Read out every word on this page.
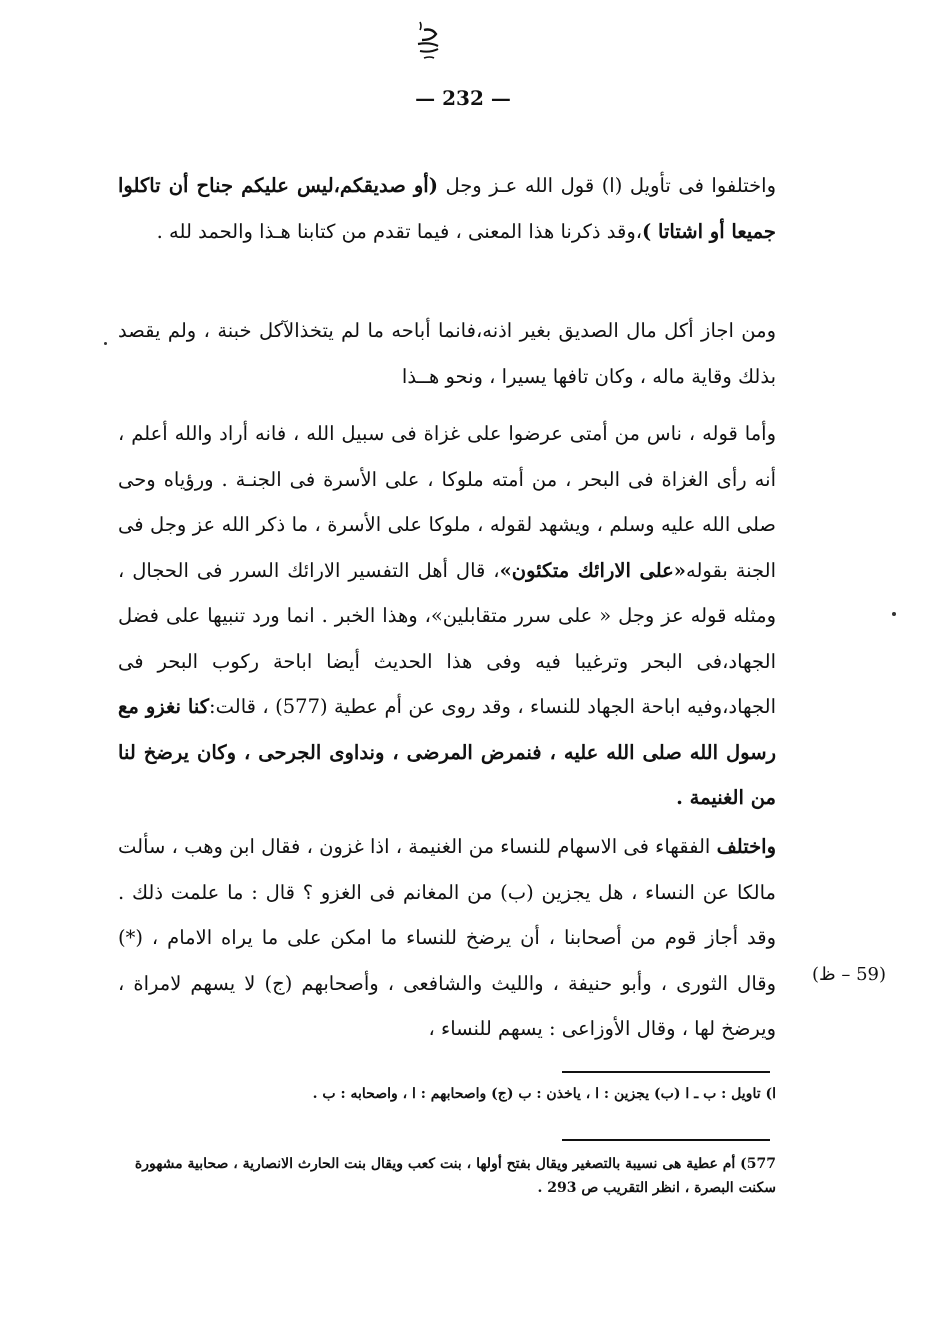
— 232 —

واختلفوا فى تأويل (ا) قول الله عـز وجل (أو صديقكم،ليس عليكم جناح أن تاكلوا جميعا أو اشتاتا )،وقد ذكرنا هذا المعنى ، فيما تقدم من كتابنا هـذا والحمد لله .

ومن اجاز أكل مال الصديق بغير اذنه،فانما أباحه ما لم يتخذالآكل خبنة ، ولم يقصد بذلك وقاية ماله ، وكان تافها يسيرا ، ونحو هــذا

وأما قوله ، ناس من أمتى عرضوا على غزاة فى سبيل الله ، فانه أراد والله أعلم ، أنه رأى الغزاة فى البحر ، من أمته ملوكا ، على الأسرة فى الجنـة . ورؤياه وحى صلى الله عليه وسلم ، ويشهد لقوله ، ملوكا على الأسرة ، ما ذكر الله عز وجل فى الجنة بقوله«على الارائك متكئون»، قال أهل التفسير الارائك السرر فى الحجال ، ومثله قوله عز وجل « على سرر متقابلين»، وهذا الخبر . انما ورد تنبيها على فضل الجهاد،فى البحر وترغيبا فيه وفى هذا الحديث أيضا اباحة ركوب البحر فى الجهاد،وفيه اباحة الجهاد للنساء ، وقد روى عن أم عطية (577) ، قالت:كنا نغزو مع رسول الله صلى الله عليه ، فنمرض المرضى ، ونداوى الجرحى ، وكان يرضخ لنا من الغنيمة .

واختلف الفقهاء فى الاسهام للنساء من الغنيمة ، اذا غزون ، فقال ابن وهب ، سألت مالكا عن النساء ، هل يجزين (ب) من المغانم فى الغزو ؟ قال : ما علمت ذلك . وقد أجاز قوم من أصحابنا ، أن يرضخ للنساء ما امكن على ما يراه الامام ، (*) وقال الثورى ، وأبو حنيفة ، والليث والشافعى ، وأصحابهم (ج) لا يسهم لامراة ، ويرضخ لها ، وقال الأوزاعى : يسهم للنساء ،

(59 – ظ)
ا) تاويل : ب ـ ا (ب) يجزين : ا ، ياخذن : ب (ج) واصحابهم : ا ، واصحابه : ب .
577) أم عطية هى نسيبة بالتصغير ويقال بفتح أولها ، بنت كعب ويقال بنت الحارث الانصارية ، صحابية مشهورة سكنت البصرة ، انظر التقريب ص 293 .
